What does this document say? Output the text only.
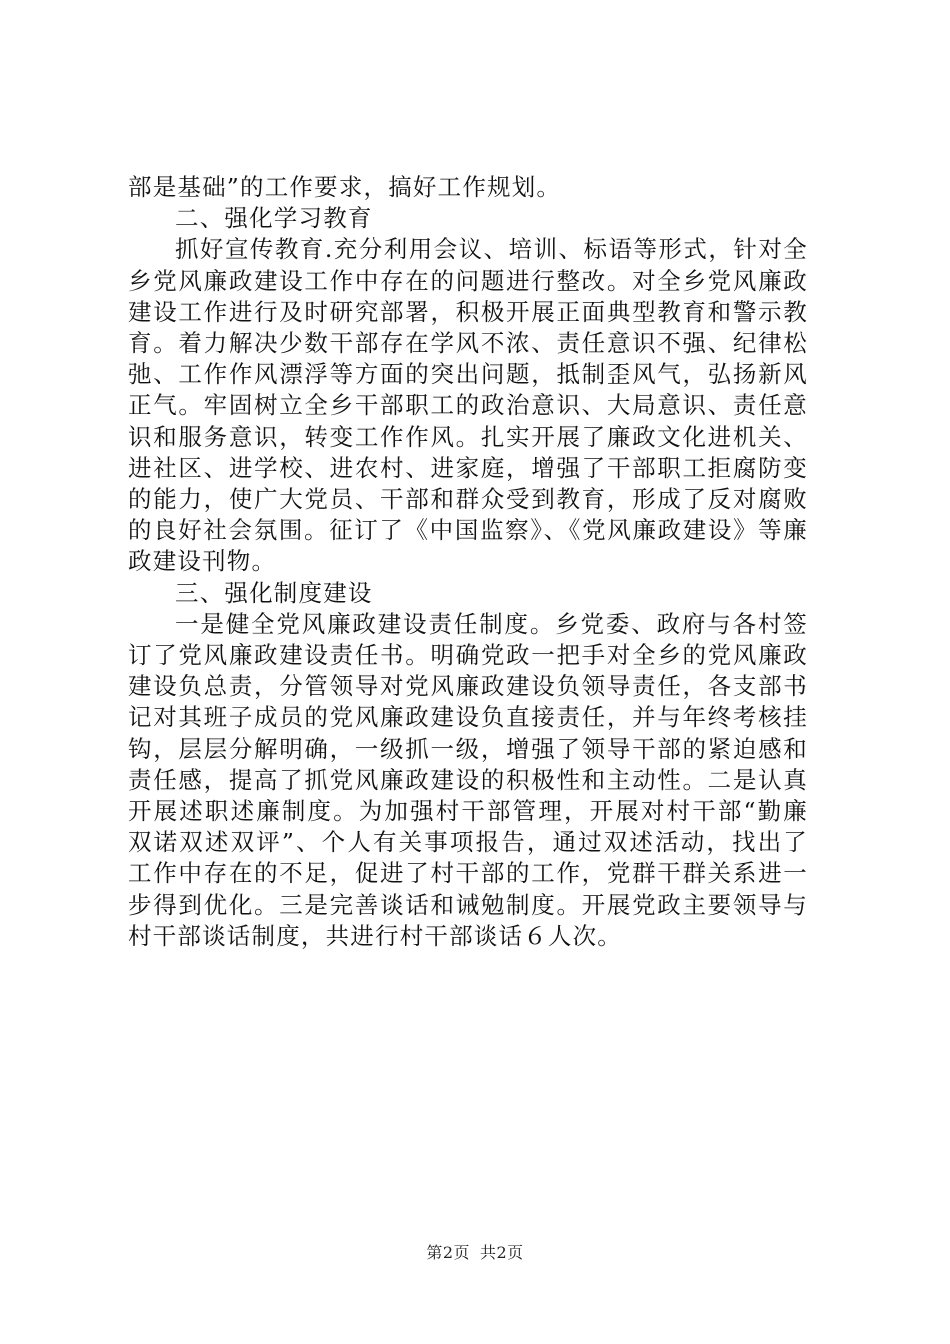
部是基础”的工作要求，搞好工作规划。

二、强化学习教育

抓好宣传教育.充分利用会议、培训、标语等形式，针对全乡党风廉政建设工作中存在的问题进行整改。对全乡党风廉政建设工作进行及时研究部署，积极开展正面典型教育和警示教育。着力解决少数干部存在学风不浓、责任意识不强、纪律松弛、工作作风漂浮等方面的突出问题，抵制歪风气，弘扬新风正气。牢固树立全乡干部职工的政治意识、大局意识、责任意识和服务意识，转变工作作风。扎实开展了廉政文化进机关、进社区、进学校、进农村、进家庭，增强了干部职工拒腐防变的能力，使广大党员、干部和群众受到教育，形成了反对腐败的良好社会氛围。征订了《中国监察》、《党风廉政建设》等廉政建设刊物。

三、强化制度建设

一是健全党风廉政建设责任制度。乡党委、政府与各村签订了党风廉政建设责任书。明确党政一把手对全乡的党风廉政建设负总责，分管领导对党风廉政建设负领导责任，各支部书记对其班子成员的党风廉政建设负直接责任，并与年终考核挂钩，层层分解明确，一级抓一级，增强了领导干部的紧迫感和责任感，提高了抓党风廉政建设的积极性和主动性。二是认真开展述职述廉制度。为加强村干部管理，开展对村干部“勤廉双诺双述双评”、个人有关事项报告，通过双述活动，找出了工作中存在的不足，促进了村干部的工作，党群干群关系进一步得到优化。三是完善谈话和诫勉制度。开展党政主要领导与村干部谈话制度，共进行村干部谈话６人次。

第2页 共2页
